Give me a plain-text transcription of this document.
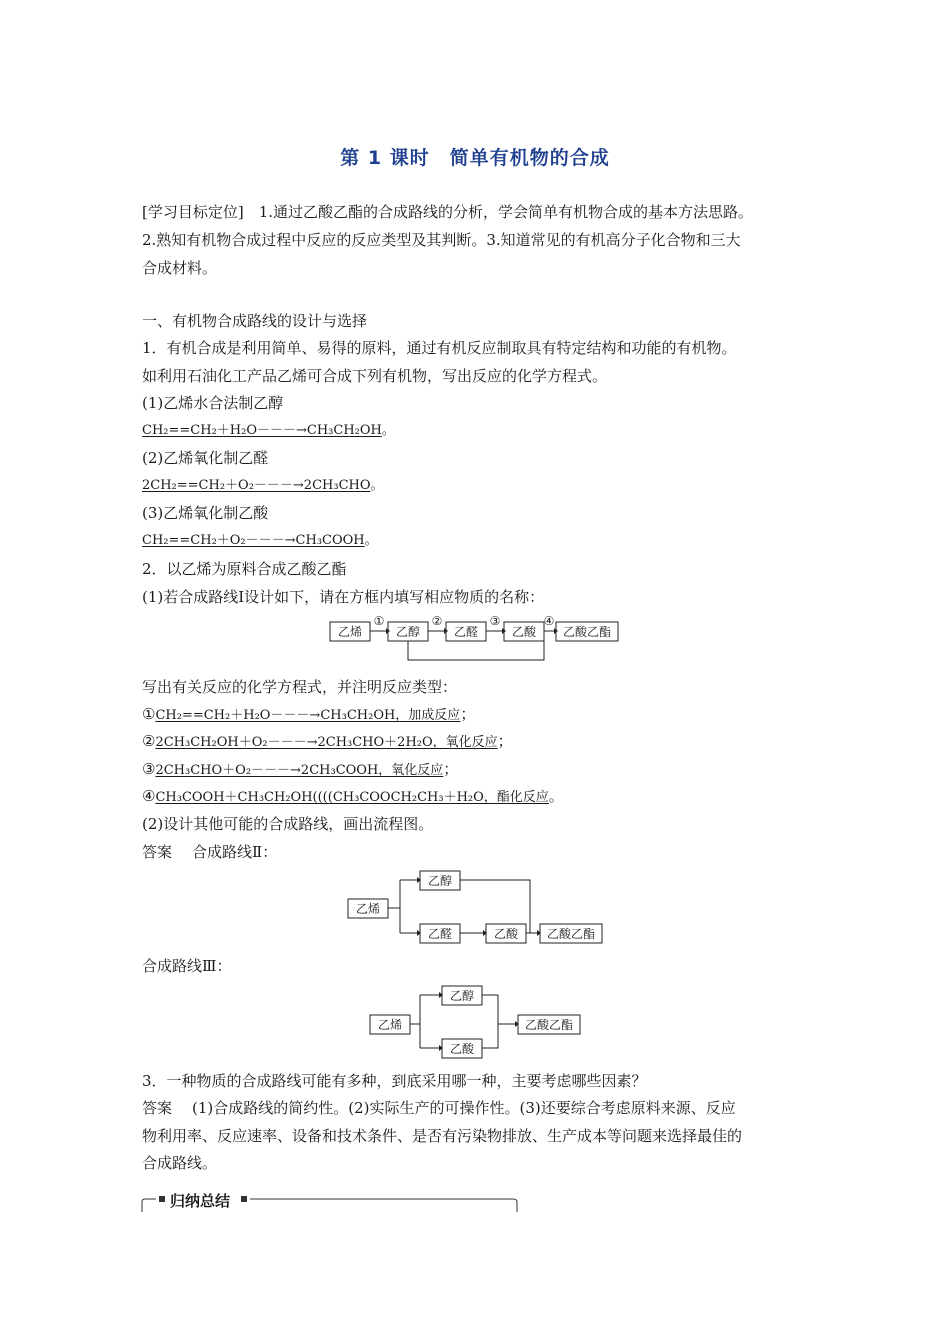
第 1 课时　简单有机物的合成
[学习目标定位]　1.通过乙酸乙酯的合成路线的分析，学会简单有机物合成的基本方法思路。
2.熟知有机物合成过程中反应的反应类型及其判断。3.知道常见的有机高分子化合物和三大
合成材料。
一、有机物合成路线的设计与选择
1．有机合成是利用简单、易得的原料，通过有机反应制取具有特定结构和功能的有机物。
如利用石油化工产品乙烯可合成下列有机物，写出反应的化学方程式。
(1)乙烯水合法制乙醇
CH₂==CH₂＋H₂O－－－→CH₃CH₂OH。
(2)乙烯氧化制乙醛
2CH₂==CH₂＋O₂－－－→2CH₃CHO。
(3)乙烯氧化制乙酸
CH₂==CH₂＋O₂－－－→CH₃COOH。
2．以乙烯为原料合成乙酸乙酯
(1)若合成路线Ⅰ设计如下，请在方框内填写相应物质的名称：
乙烯	乙醇	乙醛	乙酸 乙酸乙酯
①	②	③	④
写出有关反应的化学方程式，并注明反应类型：
①CH₂==CH₂＋H₂O－－－→CH₃CH₂OH，加成反应；
②2CH₃CH₂OH＋O₂－－－→2CH₃CHO＋2H₂O，氧化反应；
③2CH₃CHO＋O₂－－－→2CH₃COOH，氧化反应；
④CH₃COOH＋CH₃CH₂OH((((CH₃COOCH₂CH₃＋H₂O，酯化反应。
(2)设计其他可能的合成路线，画出流程图。
答案 合成路线Ⅱ：
乙烯
乙醇
乙醛	乙酸 乙酸乙酯
合成路线Ⅲ：
乙烯
乙醇
乙酸
乙酸乙酯
3．一种物质的合成路线可能有多种，到底采用哪一种，主要考虑哪些因素？
答案 (1)合成路线的简约性。(2)实际生产的可操作性。(3)还要综合考虑原料来源、反应
物利用率、反应速率、设备和技术条件、是否有污染物排放、生产成本等问题来选择最佳的
合成路线。
归纳总结
